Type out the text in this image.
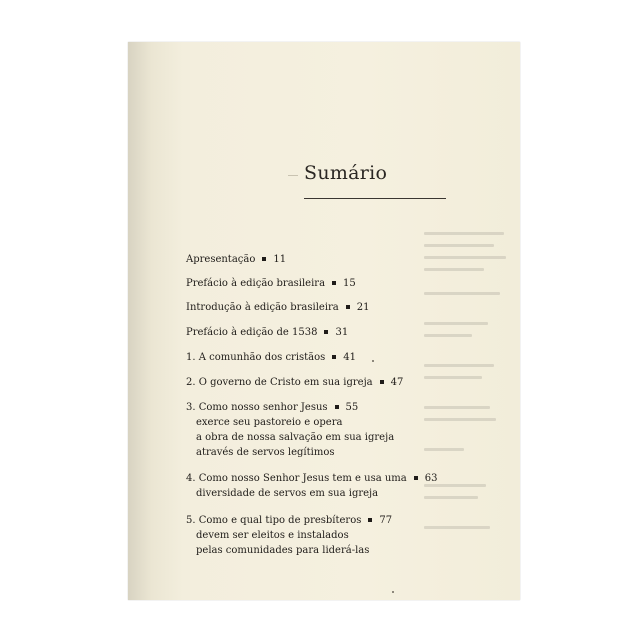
Sumário
Apresentação 11
Prefácio à edição brasileira 15
Introdução à edição brasileira 21
Prefácio à edição de 1538 31
1. A comunhão dos cristãos 41
2. O governo de Cristo em sua igreja 47
3. Como nosso senhor Jesus 55
exerce seu pastoreio e opera
a obra de nossa salvação em sua igreja
através de servos legítimos
4. Como nosso Senhor Jesus tem e usa uma 63
diversidade de servos em sua igreja
5. Como e qual tipo de presbíteros 77
devem ser eleitos e instalados
pelas comunidades para liderá-las
